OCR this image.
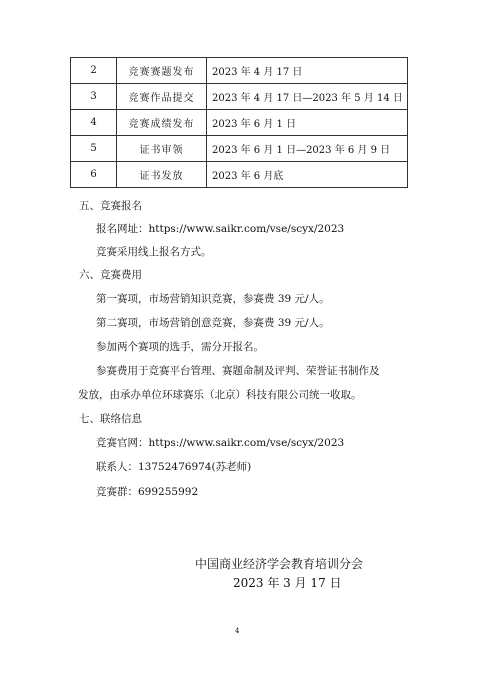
2	竞赛赛题发布	2023 年 4 月 17 日
3	竞赛作品提交	2023 年 4 月 17 日—2023 年 5 月 14 日
4	竞赛成绩发布	2023 年 6 月 1 日
5	证书审领	2023 年 6 月 1 日—2023 年 6 月 9 日
6	证书发放	2023 年 6 月底
五、竞赛报名
报名网址：https://www.saikr.com/vse/scyx/2023
竞赛采用线上报名方式。
六、竞赛费用
第一赛项，市场营销知识竞赛，参赛费 39 元/人。
第二赛项，市场营销创意竞赛，参赛费 39 元/人。
参加两个赛项的选手，需分开报名。
参赛费用于竞赛平台管理、赛题命制及评判、荣誉证书制作及
发放，由承办单位环球赛乐（北京）科技有限公司统一收取。
七、联络信息
竞赛官网：https://www.saikr.com/vse/scyx/2023
联系人：13752476974(苏老师)
竞赛群：699255992
中国商业经济学会教育培训分会
2023 年 3 月 17 日
4
